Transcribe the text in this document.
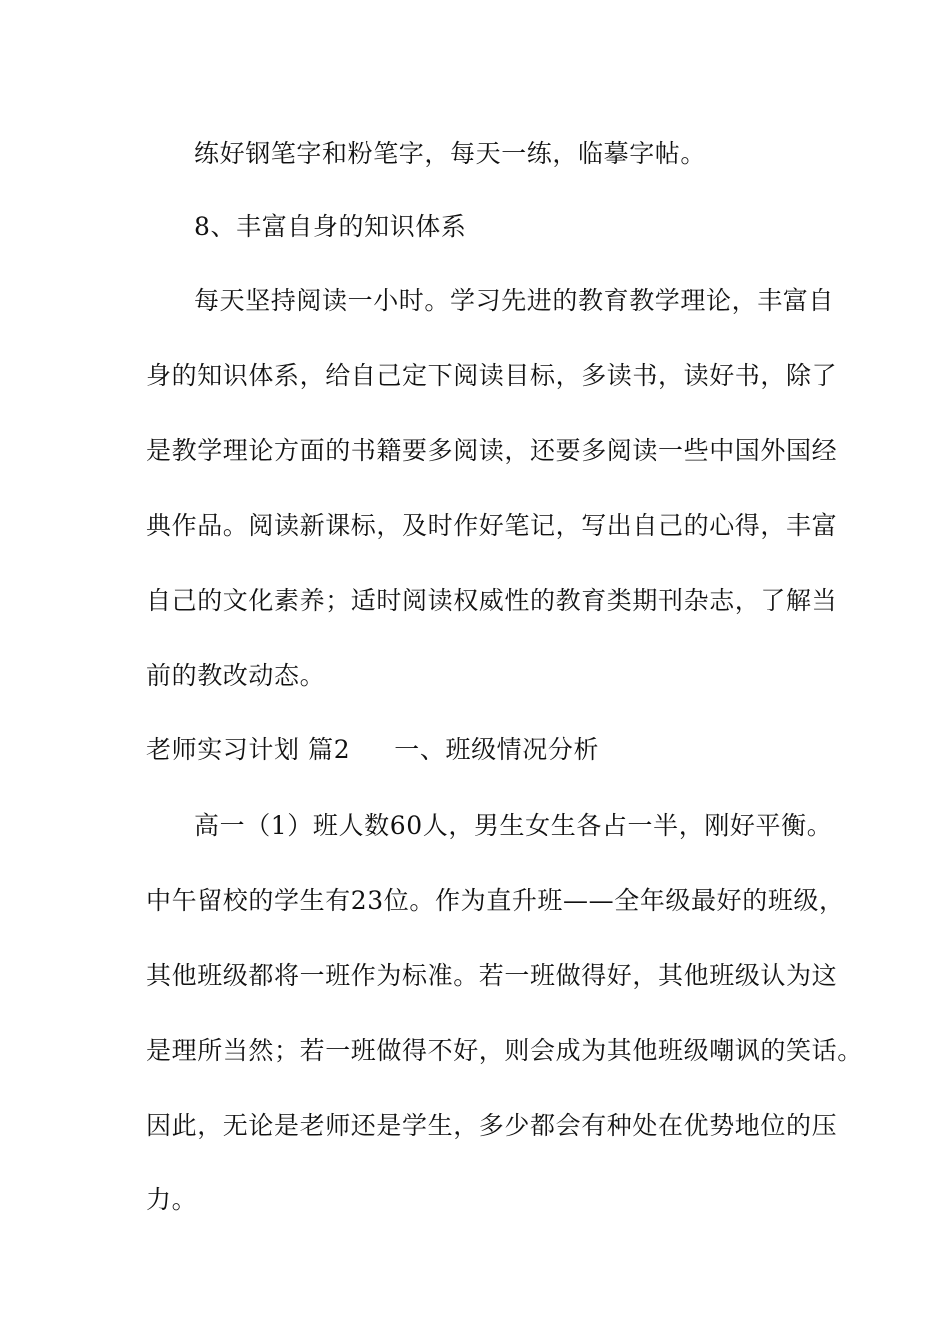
练好钢笔字和粉笔字，每天一练，临摹字帖。
8、丰富自身的知识体系
每天坚持阅读一小时。学习先进的教育教学理论，丰富自
身的知识体系，给自己定下阅读目标，多读书，读好书，除了
是教学理论方面的书籍要多阅读，还要多阅读一些中国外国经
典作品。阅读新课标，及时作好笔记，写出自己的心得，丰富
自己的文化素养；适时阅读权威性的教育类期刊杂志，了解当
前的教改动态。
老师实习计划 篇2 一、班级情况分析
高一（1）班人数60人，男生女生各占一半，刚好平衡。
中午留校的学生有23位。作为直升班——全年级最好的班级，
其他班级都将一班作为标准。若一班做得好，其他班级认为这
是理所当然；若一班做得不好，则会成为其他班级嘲讽的笑话。
因此，无论是老师还是学生，多少都会有种处在优势地位的压
力。
